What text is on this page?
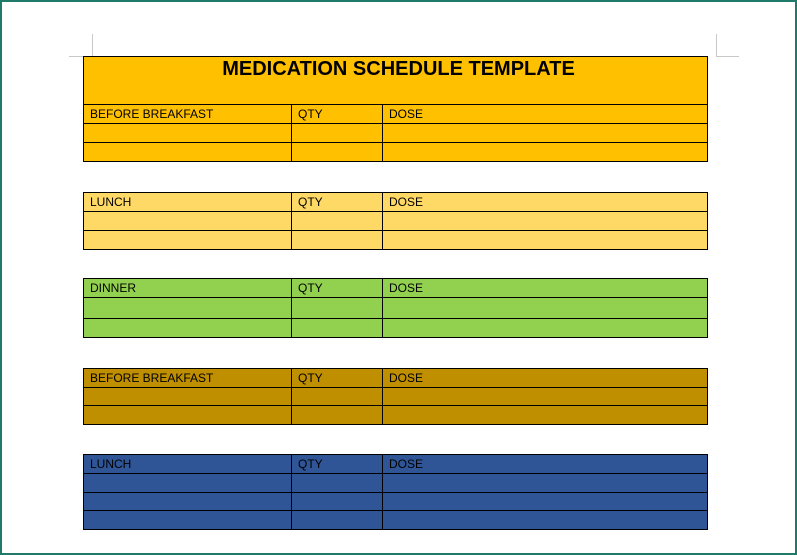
MEDICATION SCHEDULE TEMPLATE		
BEFORE BREAKFAST	QTY	DOSE

LUNCH	QTY	DOSE

DINNER	QTY	DOSE

BEFORE BREAKFAST	QTY	DOSE

LUNCH	QTY	DOSE
